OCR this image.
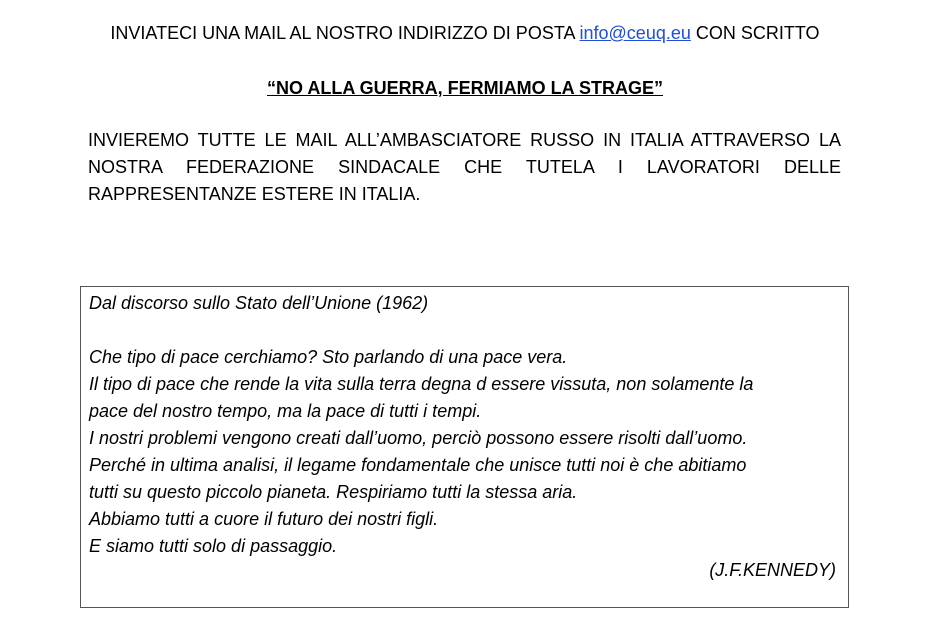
INVIATECI UNA MAIL AL NOSTRO INDIRIZZO DI POSTA info@ceuq.eu CON SCRITTO
“NO ALLA GUERRA, FERMIAMO LA STRAGE”
INVIEREMO TUTTE LE MAIL ALL’AMBASCIATORE RUSSO IN ITALIA ATTRAVERSO LA NOSTRA FEDERAZIONE SINDACALE CHE TUTELA I LAVORATORI DELLE RAPPRESENTANZE ESTERE IN ITALIA.
Dal discorso sullo Stato dell’Unione (1962)
Che tipo di pace cerchiamo? Sto parlando di una pace vera.
Il tipo di pace che rende la vita sulla terra degna d essere vissuta, non solamente la
pace del nostro tempo, ma la pace di tutti i tempi.
I nostri problemi vengono creati dall’uomo, perciò possono essere risolti dall’uomo.
Perché in ultima analisi, il legame fondamentale che unisce tutti noi è che abitiamo
tutti su questo piccolo pianeta. Respiriamo tutti la stessa aria.
Abbiamo tutti a cuore il futuro dei nostri figli.
E siamo tutti solo di passaggio.
(J.F.KENNEDY)
